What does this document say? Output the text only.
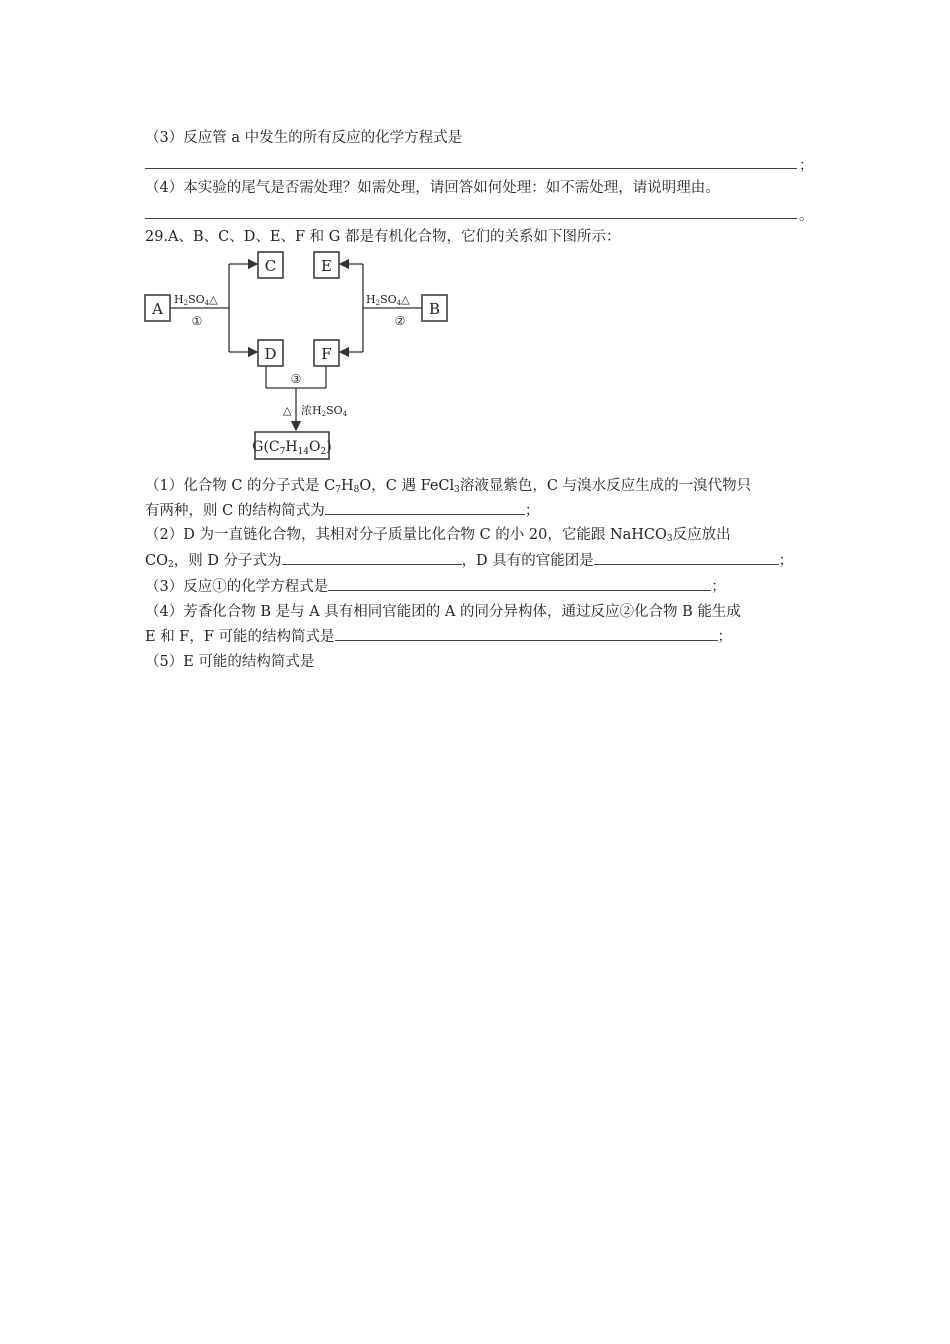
（3）反应管 a 中发生的所有反应的化学方程式是
；
（4）本实验的尾气是否需处理？如需处理，请回答如何处理：如不需处理，请说明理由。
。
29.A、B、C、D、E、F 和 G 都是有机化合物，它们的关系如下图所示：
A	B
C	E
D	F
$G(C_7H_{14}O_2)$
H2SO4△
①
H2SO4△
②
③
△ 浓H2SO4
（1）化合物 C 的分子式是 $C_7H_8O$，C 遇 FeCl$_3$溶液显紫色，C 与溴水反应生成的一溴代物只
有两种，则 C 的结构简式为	；
（2）D 为一直链化合物，其相对分子质量比化合物 C 的小 20，它能跟 NaHCO$_3$反应放出
$CO_2$，则 D 分子式为	，D 具有的官能团是	；
（3）反应①的化学方程式是	；
（4）芳香化合物 B 是与 A 具有相同官能团的 A 的同分异构体，通过反应②化合物 B 能生成
E 和 F，F 可能的结构简式是	；
（5）E 可能的结构简式是
